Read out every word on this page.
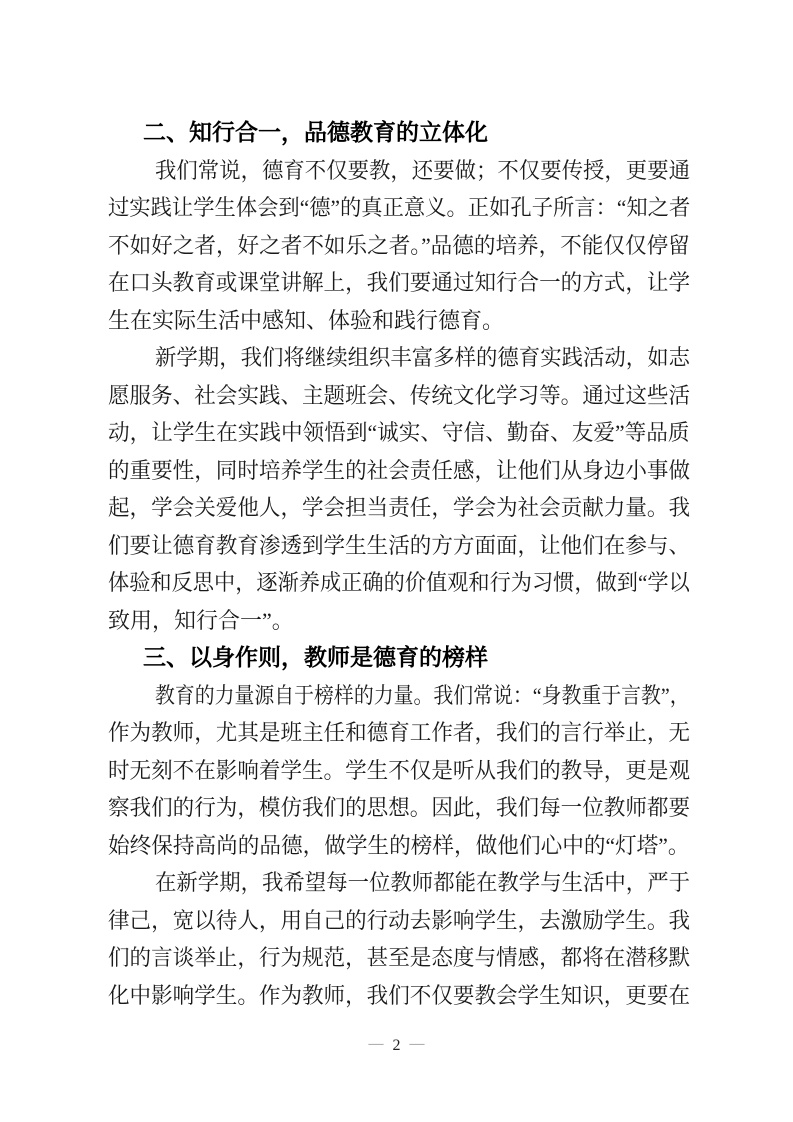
二、知行合一，品德教育的立体化
我们常说，德育不仅要教，还要做；不仅要传授，更要通
过实践让学生体会到“德”的真正意义。正如孔子所言：“知之者
不如好之者，好之者不如乐之者。”品德的培养，不能仅仅停留
在口头教育或课堂讲解上，我们要通过知行合一的方式，让学
生在实际生活中感知、体验和践行德育。
新学期，我们将继续组织丰富多样的德育实践活动，如志
愿服务、社会实践、主题班会、传统文化学习等。通过这些活
动，让学生在实践中领悟到“诚实、守信、勤奋、友爱”等品质
的重要性，同时培养学生的社会责任感，让他们从身边小事做
起，学会关爱他人，学会担当责任，学会为社会贡献力量。我
们要让德育教育渗透到学生生活的方方面面，让他们在参与、
体验和反思中，逐渐养成正确的价值观和行为习惯，做到“学以
致用，知行合一”。
三、以身作则，教师是德育的榜样
教育的力量源自于榜样的力量。我们常说：“身教重于言教”，
作为教师，尤其是班主任和德育工作者，我们的言行举止，无
时无刻不在影响着学生。学生不仅是听从我们的教导，更是观
察我们的行为，模仿我们的思想。因此，我们每一位教师都要
始终保持高尚的品德，做学生的榜样，做他们心中的“灯塔”。
在新学期，我希望每一位教师都能在教学与生活中，严于
律己，宽以待人，用自己的行动去影响学生，去激励学生。我
们的言谈举止，行为规范，甚至是态度与情感，都将在潜移默
化中影响学生。作为教师，我们不仅要教会学生知识，更要在
— 2 —
